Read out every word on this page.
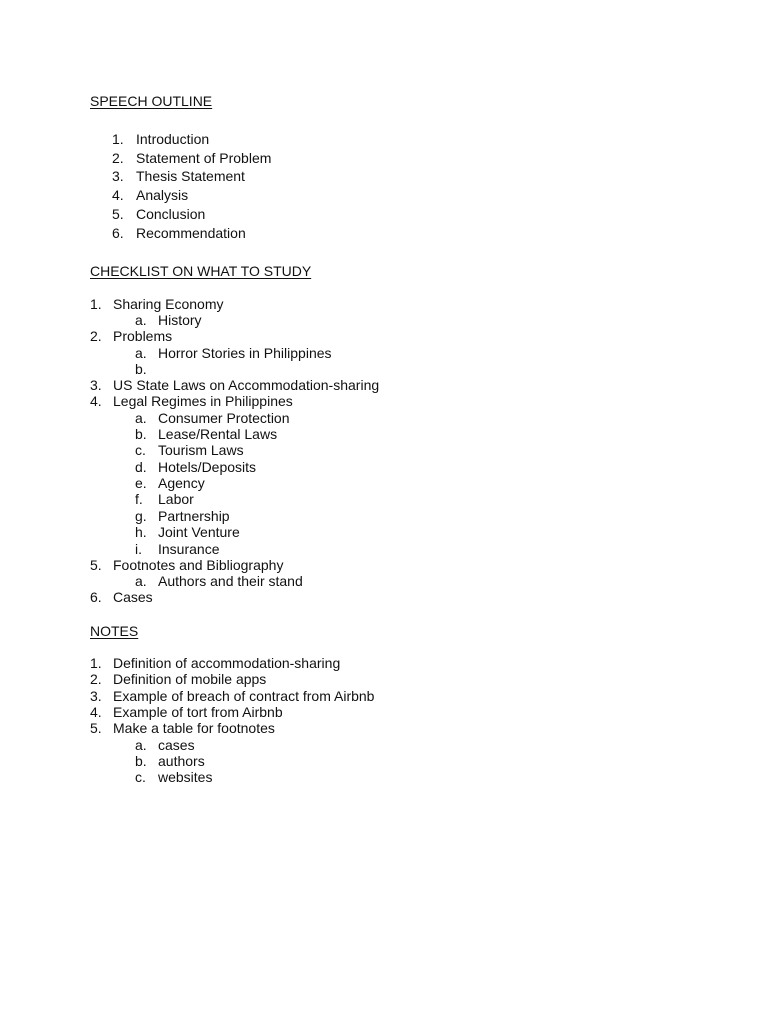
SPEECH OUTLINE
1. Introduction
2. Statement of Problem
3. Thesis Statement
4. Analysis
5. Conclusion
6. Recommendation
CHECKLIST ON WHAT TO STUDY
1. Sharing Economy
a. History
2. Problems
a. Horror Stories in Philippines
b.
3. US State Laws on Accommodation-sharing
4. Legal Regimes in Philippines
a. Consumer Protection
b. Lease/Rental Laws
c. Tourism Laws
d. Hotels/Deposits
e. Agency
f. Labor
g. Partnership
h. Joint Venture
i. Insurance
5. Footnotes and Bibliography
a. Authors and their stand
6. Cases
NOTES
1. Definition of accommodation-sharing
2. Definition of mobile apps
3. Example of breach of contract from Airbnb
4. Example of tort from Airbnb
5. Make a table for footnotes
a. cases
b. authors
c. websites
